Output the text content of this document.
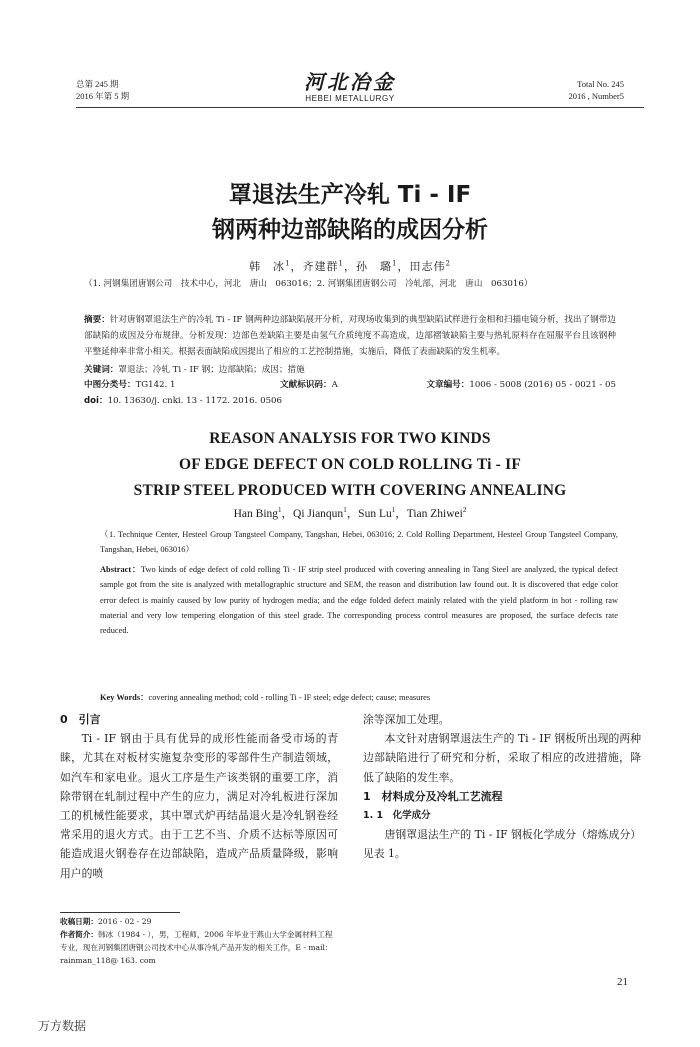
总第 245 期
2016 年第 5 期
河北冶金
HEBEI METALLURGY
Total No. 245
2016 , Number5
罩退法生产冷轧 Ti - IF
钢两种边部缺陷的成因分析
韩　冰$^1$，齐建群$^1$，孙　璐$^1$，田志伟$^2$
（1. 河钢集团唐钢公司　技术中心，河北　唐山　063016；2. 河钢集团唐钢公司　冷轧部，河北　唐山　063016）
摘要：针对唐钢罩退法生产的冷轧 Ti - IF 钢两种边部缺陷展开分析，对现场收集到的典型缺陷试样进行金相和扫描电镜分析，找出了钢带边部缺陷的成因及分布规律。分析发现：边部色差缺陷主要是由氢气介质纯度不高造成，边部褶皱缺陷主要与热轧原料存在屈服平台且该钢种平整延伸率非常小相关。根据表面缺陷成因提出了相应的工艺控制措施，实施后，降低了表面缺陷的发生机率。
关键词：罩退法；冷轧 Ti - IF 钢；边部缺陷；成因；措施
中图分类号：TG142. 1	文献标识码：A	文章编号：1006 - 5008 (2016) 05 - 0021 - 05
doi：10. 13630/j. cnki. 13 - 1172. 2016. 0506
REASON ANALYSIS FOR TWO KINDS
OF EDGE DEFECT ON COLD ROLLING Ti - IF
STRIP STEEL PRODUCED WITH COVERING ANNEALING
Han Bing$^1$，Qi Jianqun$^1$，Sun Lu$^1$，Tian Zhiwei$^2$
（1. Technique Center, Hesteel Group Tangsteel Company, Tangshan, Hebei, 063016; 2. Cold Rolling Department, Hesteel Group Tangsteel Company, Tangshan, Hebei, 063016）
Abstract：Two kinds of edge defect of cold rolling Ti - IF strip steel produced with covering annealing in Tang Steel are analyzed, the typical defect sample got from the site is analyzed with metallographic structure and SEM, the reason and distribution law found out. It is discovered that edge color error defect is mainly caused by low purity of hydrogen media; and the edge folded defect mainly related with the yield platform in hot - rolling raw material and very low tempering elongation of this steel grade. The corresponding process control measures are proposed, the surface defects rate reduced.
Key Words：covering annealing method; cold - rolling Ti - IF steel; edge defect; cause; measures
0　 引言

Ti - IF 钢由于具有优异的成形性能而备受市场的青睐，尤其在对板材实施复杂变形的零部件生产制造领域，如汽车和家电业。退火工序是生产该类钢的重要工序，消除带钢在轧制过程中产生的应力，满足对冷轧板进行深加工的机械性能要求，其中罩式炉再结晶退火是冷轧钢卷经常采用的退火方式。由于工艺不当、介质不达标等原因可能造成退火钢卷存在边部缺陷，造成产品质量降级，影响用户的喷

涂等深加工处理。

本文针对唐钢罩退法生产的 Ti - IF 钢板所出现的两种边部缺陷进行了研究和分析，采取了相应的改进措施，降低了缺陷的发生率。

1　 材料成分及冷轧工艺流程
1. 1　 化学成分

唐钢罩退法生产的 Ti - IF 钢板化学成分（熔炼成分）见表 1。

收稿日期：2016 - 02 - 29
作者简介：韩冰（1984 - ），男，工程师，2006 年毕业于燕山大学金属材料工程专业，现在河钢集团唐钢公司技术中心从事冷轧产品开发的相关工作，E - mail：rainman_118@ 163. com
21
万方数据
